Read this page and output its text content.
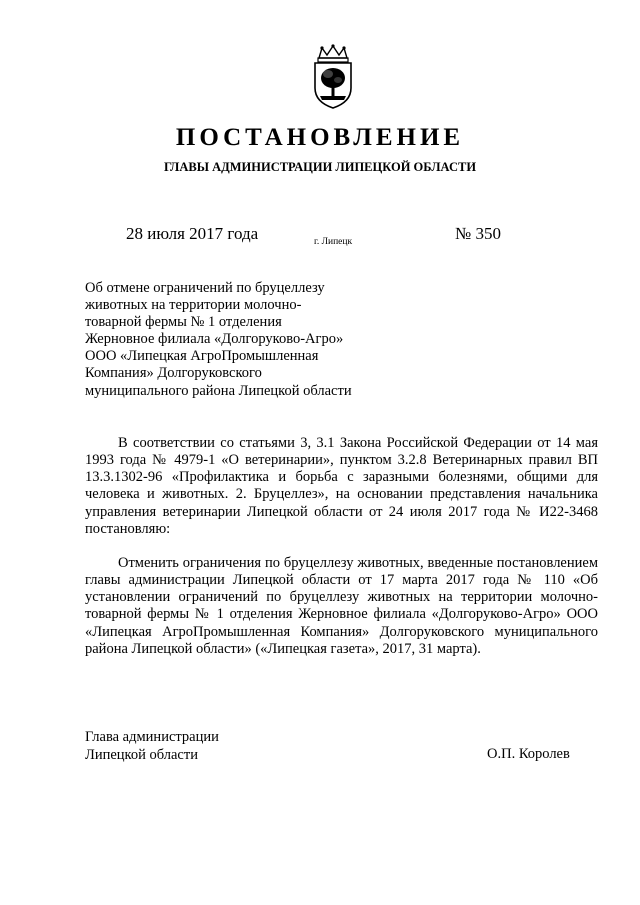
ПОСТАНОВЛЕНИЕ
ГЛАВЫ АДМИНИСТРАЦИИ ЛИПЕЦКОЙ ОБЛАСТИ
28 июля 2017 года	г. Липецк	№ 350
Об отмене ограничений по бруцеллезу
животных на территории молочно-
товарной фермы № 1 отделения
Жерновное филиала «Долгоруково-Агро»
ООО «Липецкая АгроПромышленная
Компания» Долгоруковского
муниципального района Липецкой области

В соответствии со статьями 3, 3.1 Закона Российской Федерации от 14 мая 1993 года № 4979-1 «О ветеринарии», пунктом 3.2.8 Ветеринарных правил ВП 13.3.1302-96 «Профилактика и борьба с заразными болезнями, общими для человека и животных. 2. Бруцеллез», на основании представления начальника управления ветеринарии Липецкой области от 24 июля 2017 года № И22-3468 постановляю:

Отменить ограничения по бруцеллезу животных, введенные постановлением главы администрации Липецкой области от 17 марта 2017 года № 110 «Об установлении ограничений по бруцеллезу животных на территории молочно-товарной фермы № 1 отделения Жерновное филиала «Долгоруково-Агро» ООО «Липецкая АгроПромышленная Компания» Долгоруковского муниципального района Липецкой области» («Липецкая газета», 2017, 31 марта).

Глава администрации
Липецкой области	О.П. Королев
